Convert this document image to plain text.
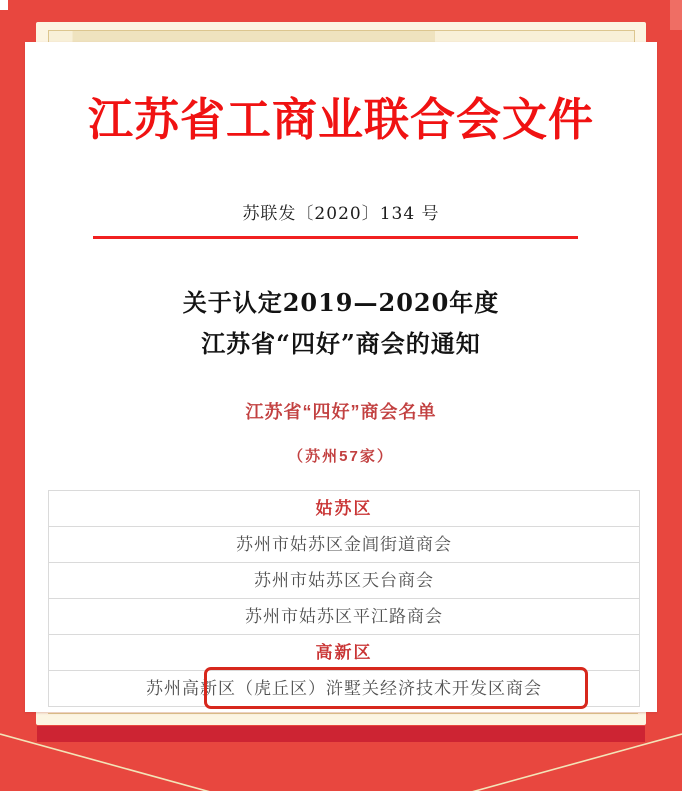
江苏省工商业联合会文件
苏联发〔2020〕134 号
关于认定2019—2020年度
江苏省“四好”商会的通知
江苏省“四好”商会名单
（苏州57家）
姑苏区
苏州市姑苏区金阊街道商会
苏州市姑苏区天台商会
苏州市姑苏区平江路商会
高新区
苏州高新区（虎丘区）浒墅关经济技术开发区商会
